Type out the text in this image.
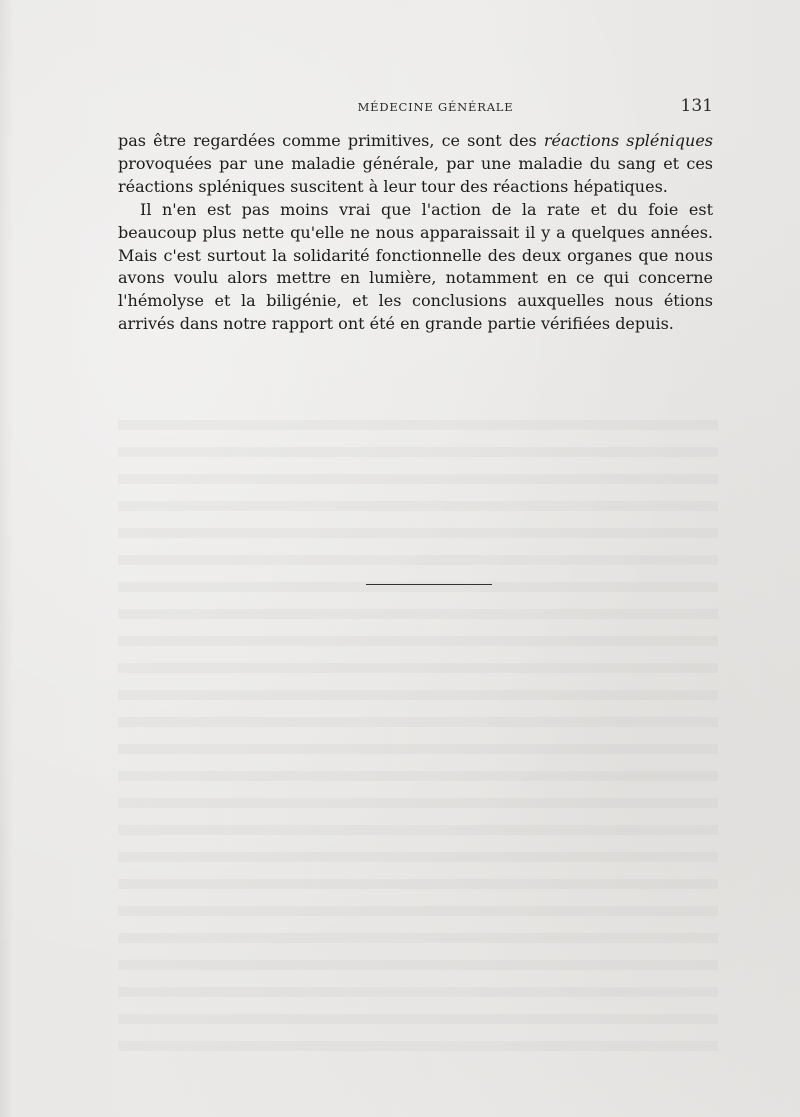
MÉDECINE GÉNÉRALE	131

pas être regardées comme primitives, ce sont des réactions spléniques provoquées par une maladie générale, par une maladie du sang et ces réactions spléniques suscitent à leur tour des réactions hépatiques.

Il n'en est pas moins vrai que l'action de la rate et du foie est beaucoup plus nette qu'elle ne nous apparaissait il y a quelques années. Mais c'est surtout la solidarité fonctionnelle des deux organes que nous avons voulu alors mettre en lumière, notamment en ce qui concerne l'hémolyse et la biligénie, et les conclusions auxquelles nous étions arrivés dans notre rapport ont été en grande partie vérifiées depuis.
